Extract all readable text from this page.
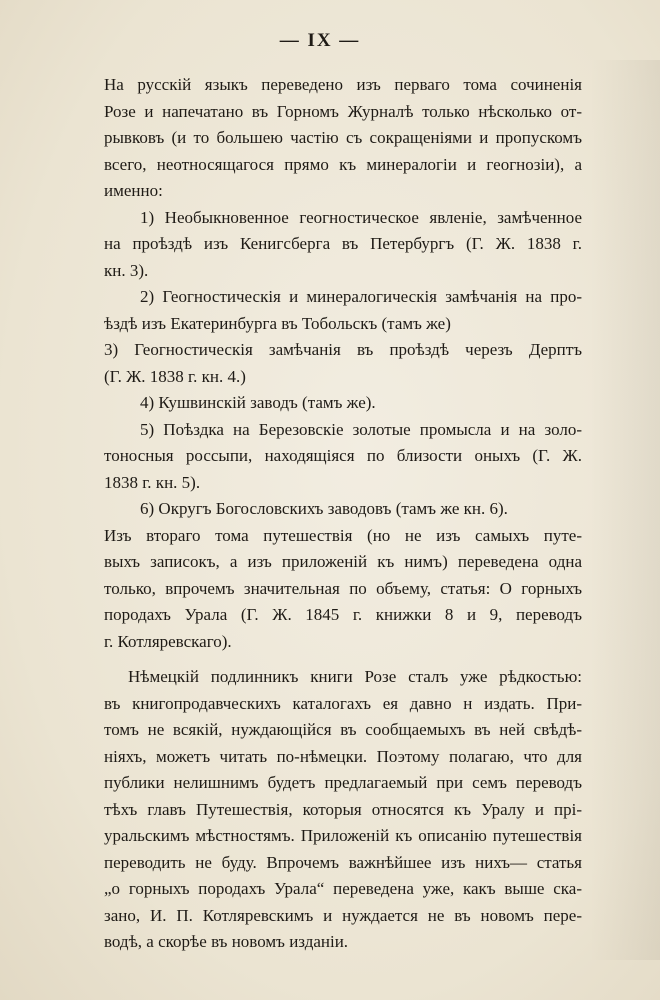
— IX —
На русскій языкъ переведено изъ перваго тома сочиненія
Розе и напечатано въ Горномъ Журналѣ только нѣсколько от-
рывковъ (и то большею частію съ сокращеніями и пропускомъ
всего, неотносящагося прямо къ минералогіи и геогнозіи), а
именно:
1) Необыкновенное геогностическое явленіе, замѣченное
на проѣздѣ изъ Кенигсберга въ Петербургъ (Г. Ж. 1838 г.
кн. 3).
2) Геогностическія и минералогическія замѣчанія на про-
ѣздѣ изъ Екатеринбурга въ Тобольскъ (тамъ же)
3) Геогностическія замѣчанія въ проѣздѣ черезъ Дерптъ
(Г. Ж. 1838 г. кн. 4.)
4) Кушвинскій заводъ (тамъ же).
5) Поѣздка на Березовскіе золотые промысла и на золо-
тоносныя россыпи, находящіяся по близости оныхъ (Г. Ж.
1838 г. кн. 5).
6) Округъ Богословскихъ заводовъ (тамъ же кн. 6).
Изъ втораго тома путешествія (но не изъ самыхъ путе-
выхъ записокъ, а изъ приложеній къ нимъ) переведена одна
только, впрочемъ значительная по объему, статья: О горныхъ
породахъ Урала (Г. Ж. 1845 г. книжки 8 и 9, переводъ
г. Котляревскаго).
Нѣмецкій подлинникъ книги Розе сталъ уже рѣдкостью:
въ книгопродавческихъ каталогахъ ея давно н издать. При-
томъ не всякій, нуждающійся въ сообщаемыхъ въ ней свѣдѣ-
ніяхъ, можетъ читать по-нѣмецки. Поэтому полагаю, что для
публики нелишнимъ будетъ предлагаемый при семъ переводъ
тѣхъ главъ Путешествія, которыя относятся къ Уралу и прі-
уральскимъ мѣстностямъ. Приложеній къ описанію путешествія
переводить не буду. Впрочемъ важнѣйшее изъ нихъ— статья
„о горныхъ породахъ Урала“ переведена уже, какъ выше ска-
зано, И. П. Котляревскимъ и нуждается не въ новомъ пере-
водѣ, а скорѣе въ новомъ изданіи.
